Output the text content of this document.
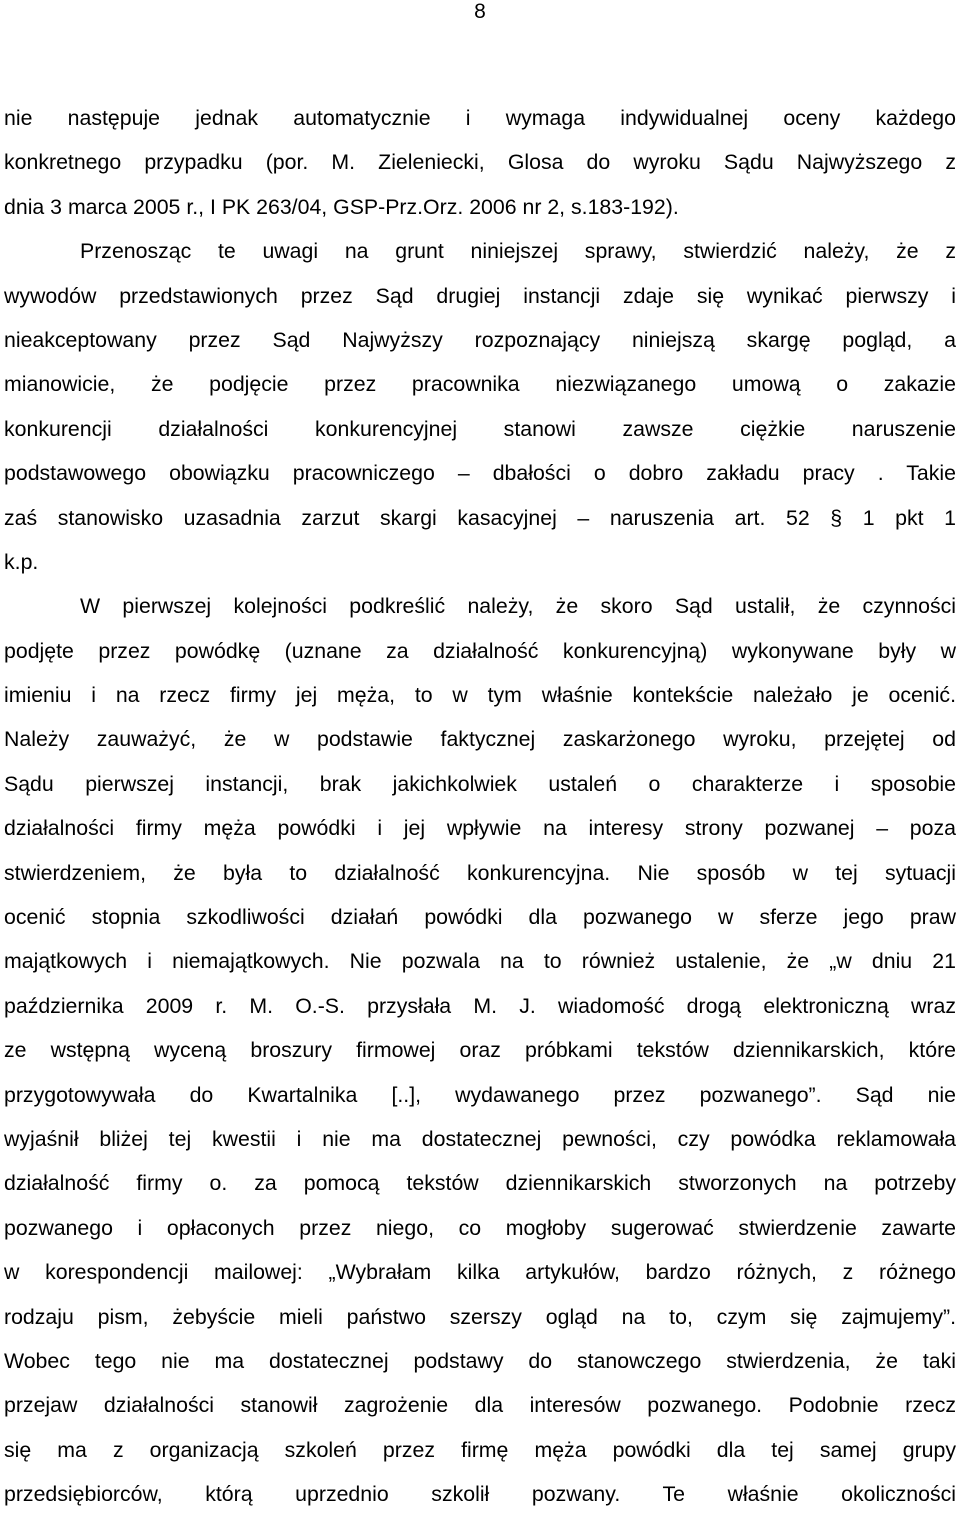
8
nie następuje jednak automatycznie i wymaga indywidualnej oceny każdego
konkretnego przypadku (por. M. Zieleniecki, Glosa do wyroku Sądu Najwyższego z
dnia 3 marca 2005 r., I PK 263/04, GSP-Prz.Orz. 2006 nr 2, s.183-192).
Przenosząc te uwagi na grunt niniejszej sprawy, stwierdzić należy, że z
wywodów przedstawionych przez Sąd drugiej instancji zdaje się wynikać pierwszy i
nieakceptowany przez Sąd Najwyższy rozpoznający niniejszą skargę pogląd, a
mianowicie, że podjęcie przez pracownika niezwiązanego umową o zakazie
konkurencji działalności konkurencyjnej stanowi zawsze ciężkie naruszenie
podstawowego obowiązku pracowniczego – dbałości o dobro zakładu pracy . Takie
zaś stanowisko uzasadnia zarzut skargi kasacyjnej – naruszenia art. 52 § 1 pkt 1
k.p.
W pierwszej kolejności podkreślić należy, że skoro Sąd ustalił, że czynności
podjęte przez powódkę (uznane za działalność konkurencyjną) wykonywane były w
imieniu i na rzecz firmy jej męża, to w tym właśnie kontekście należało je ocenić.
Należy zauważyć, że w podstawie faktycznej zaskarżonego wyroku, przejętej od
Sądu pierwszej instancji, brak jakichkolwiek ustaleń o charakterze i sposobie
działalności firmy męża powódki i jej wpływie na interesy strony pozwanej – poza
stwierdzeniem, że była to działalność konkurencyjna. Nie sposób w tej sytuacji
ocenić stopnia szkodliwości działań powódki dla pozwanego w sferze jego praw
majątkowych i niemajątkowych. Nie pozwala na to również ustalenie, że „w dniu 21
października 2009 r. M. O.-S. przysłała M. J. wiadomość drogą elektroniczną wraz
ze wstępną wyceną broszury firmowej oraz próbkami tekstów dziennikarskich, które
przygotowywała do Kwartalnika [..], wydawanego przez pozwanego”. Sąd nie
wyjaśnił bliżej tej kwestii i nie ma dostatecznej pewności, czy powódka reklamowała
działalność firmy o. za pomocą tekstów dziennikarskich stworzonych na potrzeby
pozwanego i opłaconych przez niego, co mogłoby sugerować stwierdzenie zawarte
w korespondencji mailowej: „Wybrałam kilka artykułów, bardzo różnych, z różnego
rodzaju pism, żebyście mieli państwo szerszy ogląd na to, czym się zajmujemy”.
Wobec tego nie ma dostatecznej podstawy do stanowczego stwierdzenia, że taki
przejaw działalności stanowił zagrożenie dla interesów pozwanego. Podobnie rzecz
się ma z organizacją szkoleń przez firmę męża powódki dla tej samej grupy
przedsiębiorców, którą uprzednio szkolił pozwany. Te właśnie okoliczności
